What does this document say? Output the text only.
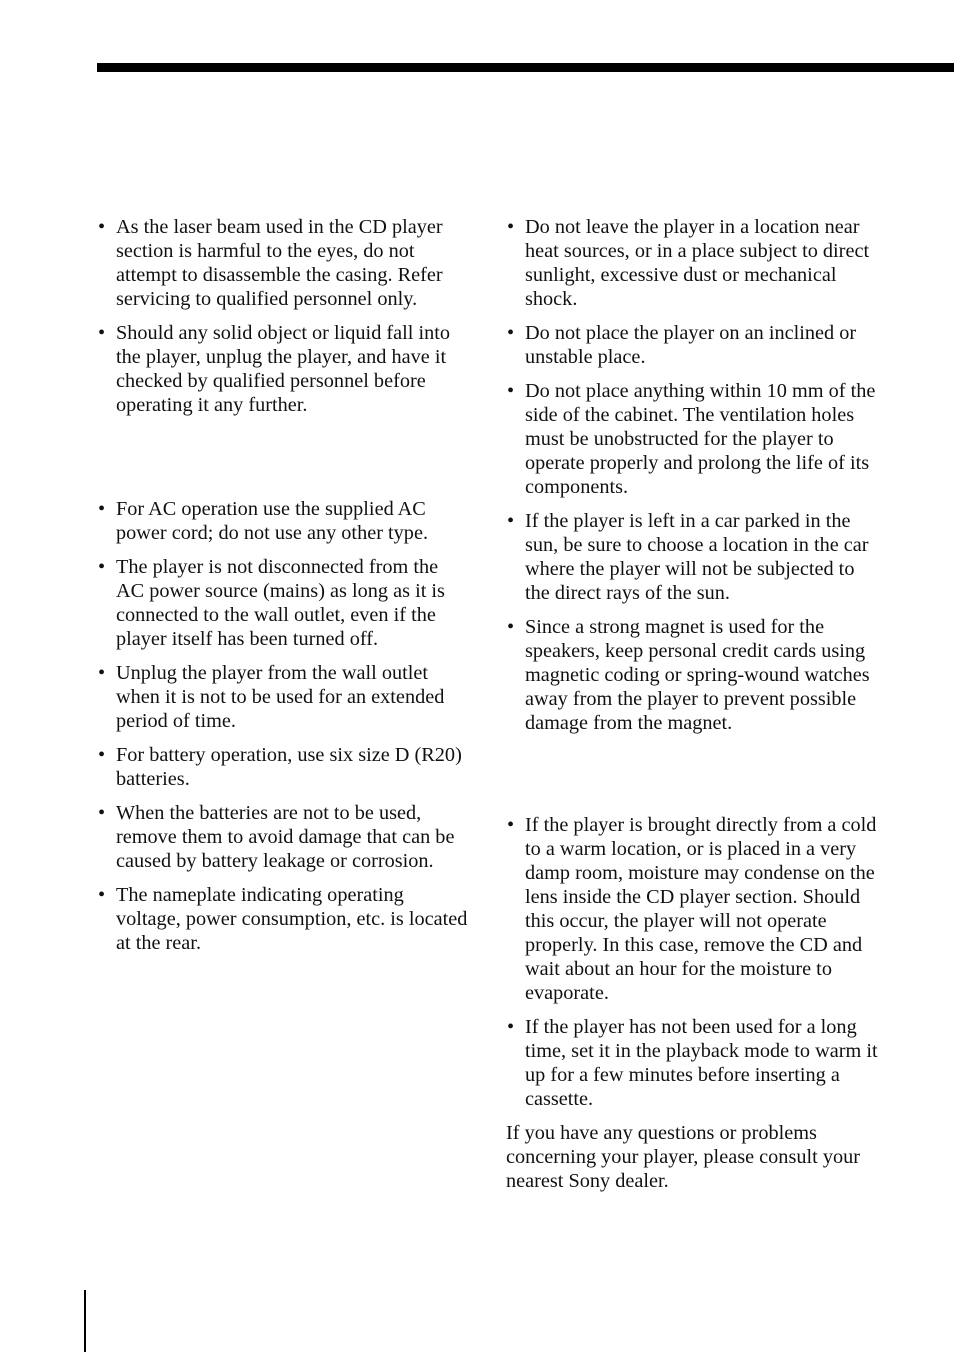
• As the laser beam used in the CD player section is harmful to the eyes, do not attempt to disassemble the casing. Refer servicing to qualified personnel only.
• Should any solid object or liquid fall into the player, unplug the player, and have it checked by qualified personnel before operating it any further.
• For AC operation use the supplied AC power cord; do not use any other type.
• The player is not disconnected from the AC power source (mains) as long as it is connected to the wall outlet, even if the player itself has been turned off.
• Unplug the player from the wall outlet when it is not to be used for an extended period of time.
• For battery operation, use six size D (R20) batteries.
• When the batteries are not to be used, remove them to avoid damage that can be caused by battery leakage or corrosion.
• The nameplate indicating operating voltage, power consumption, etc. is located at the rear.
• Do not leave the player in a location near heat sources, or in a place subject to direct sunlight, excessive dust or mechanical shock.
• Do not place the player on an inclined or unstable place.
• Do not place anything within 10 mm of the side of the cabinet. The ventilation holes must be unobstructed for the player to operate properly and prolong the life of its components.
• If the player is left in a car parked in the sun, be sure to choose a location in the car where the player will not be subjected to the direct rays of the sun.
• Since a strong magnet is used for the speakers, keep personal credit cards using magnetic coding or spring-wound watches away from the player to prevent possible damage from the magnet.
• If the player is brought directly from a cold to a warm location, or is placed in a very damp room, moisture may condense on the lens inside the CD player section. Should this occur, the player will not operate properly. In this case, remove the CD and wait about an hour for the moisture to evaporate.
• If the player has not been used for a long time, set it in the playback mode to warm it up for a few minutes before inserting a cassette.

If you have any questions or problems concerning your player, please consult your nearest Sony dealer.
